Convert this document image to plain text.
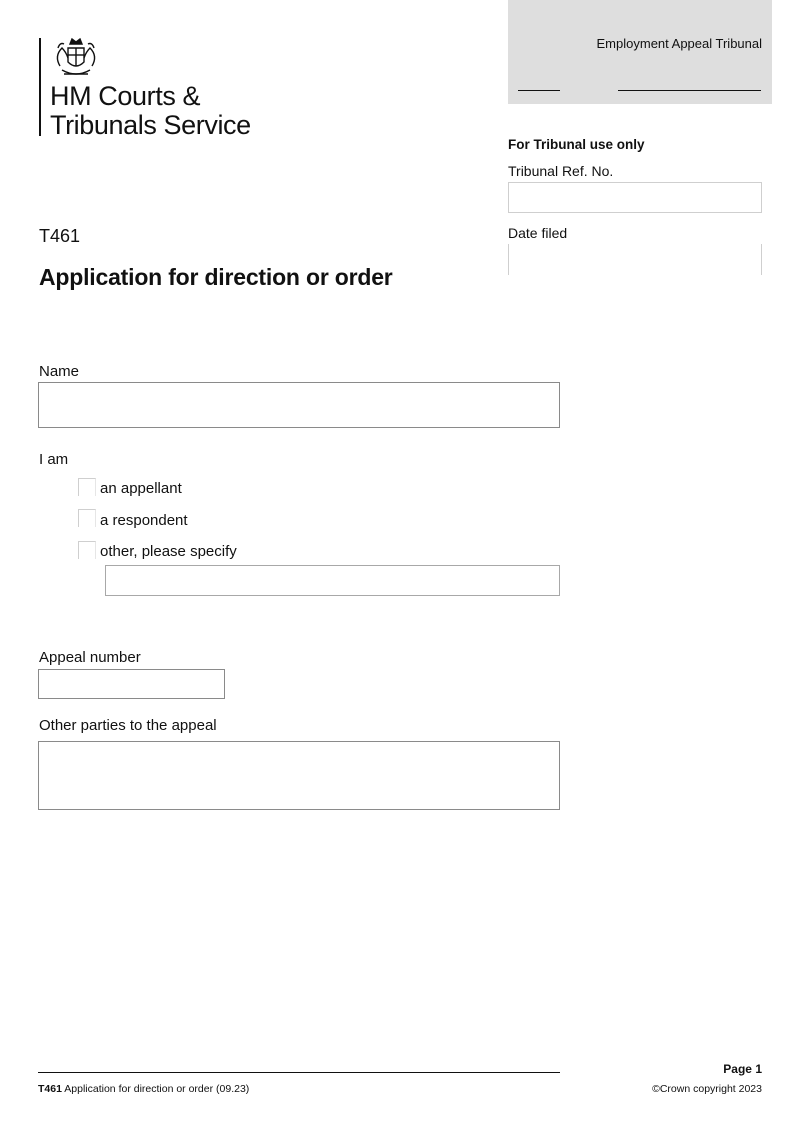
HM Courts &
Tribunals Service
Employment Appeal Tribunal
For Tribunal use only
Tribunal Ref. No.
Date filed
T461
Application for direction or order
Name
I am
an appellant
a respondent
other, please specify
Appeal number
Other parties to the appeal
Page 1
T461 Application for direction or order (09.23)	©Crown copyright 2023
